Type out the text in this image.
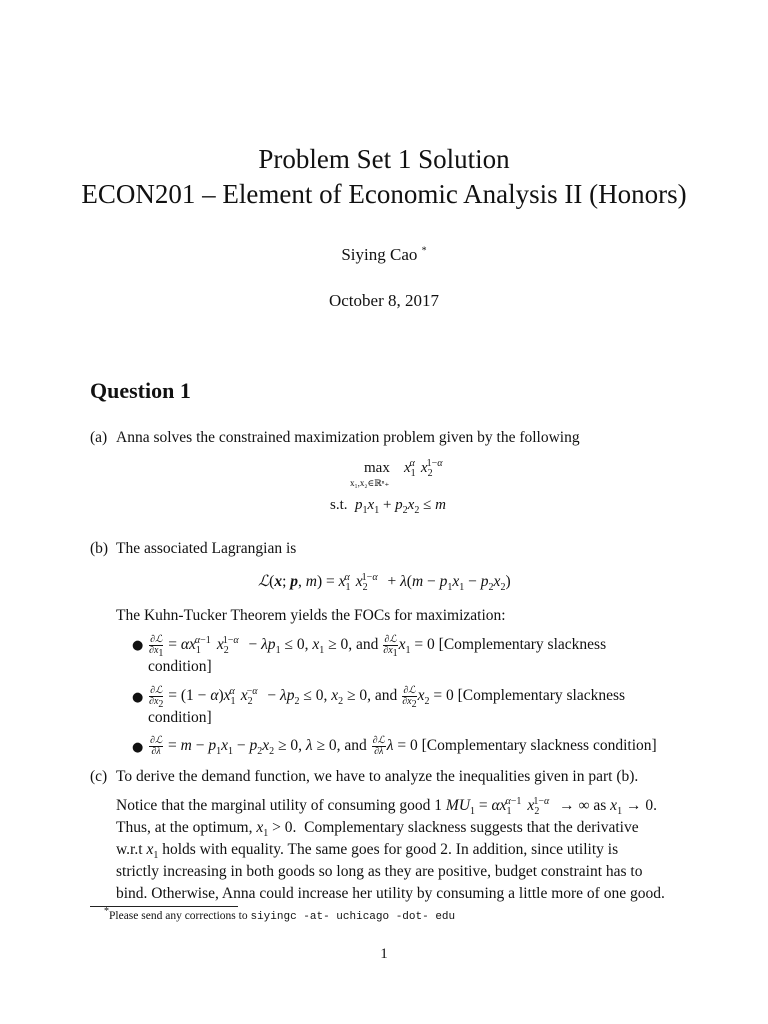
Problem Set 1 Solution
ECON201 – Element of Economic Analysis II (Honors)
Siying Cao *
October 8, 2017
Question 1
(a) Anna solves the constrained maximization problem given by the following
max
x₁,x₂∈ℝⁿ₊
$x_1^\alpha$ $x_2^{1-\alpha}$
s.t. $p_1x_1 + p_2x_2 \le m$
(b) The associated Lagrangian is
ℒ(x; p, $m) = x_1^\alpha$ $x_2^{1-\alpha} + \lambda(m - p_1x_1 - p_2x_2)$
The Kuhn-Tucker Theorem yields the FOCs for maximization:
● $\frac{\text{∂ℒ}}{\partial x_1} = \alpha x_1^{\alpha-1}$ $x_2^{1-\alpha} - \lambda p_1 \le 0$, $x_1 \ge 0$, and $\frac{\text{∂ℒ}}{\partial x_1} x_1 = 0$ [Complementary slackness
condition]
● $\frac{\text{∂ℒ}}{\partial x_2} = (1 - \alpha)x_1^\alpha$ $x_2^{-\alpha} - \lambda p_2 \le 0$, $x_2 \ge 0$, and $\frac{\text{∂ℒ}}{\partial x_2} x_2 = 0$ [Complementary slackness
condition]
● $\frac{\text{∂ℒ}}{\partial\lambda} = m - p_1x_1 - p_2x_2 \ge 0$, λ ≥ 0, and $\frac{\text{∂ℒ}}{\partial\lambda}$ λ = 0 [Complementary slackness condition]
(c) To derive the demand function, we have to analyze the inequalities given in part (b).
Notice that the marginal utility of consuming good 1 $MU_1 = \alpha x_1^{\alpha-1}$ $x_2^{1-\alpha}$ → ∞ as $x_1 \to 0$.
Thus, at the optimum, $x_1 > 0$.  Complementary slackness suggests that the derivative
w.r.t $x_1$ holds with equality. The same goes for good 2. In addition, since utility is
strictly increasing in both goods so long as they are positive, budget constraint has to
bind. Otherwise, Anna could increase her utility by consuming a little more of one good.
*Please send any corrections to siyingc -at- uchicago -dot- edu
1
